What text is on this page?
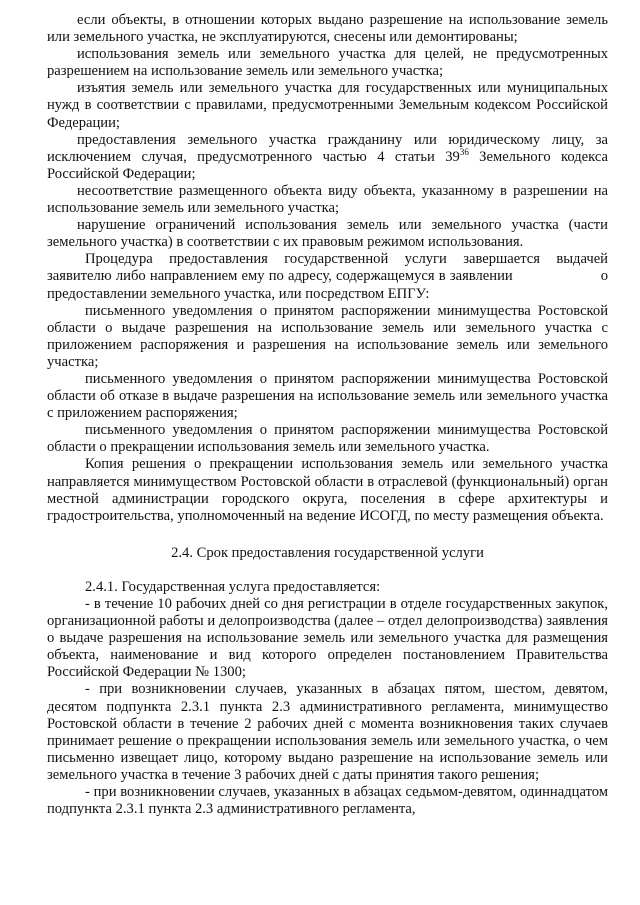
если объекты, в отношении которых выдано разрешение на использование земель или земельного участка, не эксплуатируются, снесены или демонтированы;

использования земель или земельного участка для целей, не предусмотренных разрешением на использование земель или земельного участка;

изъятия земель или земельного участка для государственных или муниципальных нужд в соответствии с правилами, предусмотренными Земельным кодексом Российской Федерации;

предоставления земельного участка гражданину или юридическому лицу, за исключением случая, предусмотренного частью 4 статьи $39^{36}$ Земельного кодекса Российской Федерации;

несоответствие размещенного объекта виду объекта, указанному в разрешении на использование земель или земельного участка;

нарушение ограничений использования земель или земельного участка (части земельного участка) в соответствии с их правовым режимом использования.

Процедура предоставления государственной услуги завершается выдачей заявителю либо направлением ему по адресу, содержащемуся в заявлении	о предоставлении земельного участка, или посредством ЕПГУ:

письменного уведомления о принятом распоряжении минимущества Ростовской области о выдаче разрешения на использование земель или земельного участка с приложением распоряжения и разрешения на использование земель или земельного участка;

письменного уведомления о принятом распоряжении минимущества Ростовской области об отказе в выдаче разрешения на использование земель или земельного участка с приложением распоряжения;

письменного уведомления о принятом распоряжении минимущества Ростовской области о прекращении использования земель или земельного участка.

Копия решения о прекращении использования земель или земельного участка направляется минимуществом Ростовской области в отраслевой (функциональный) орган местной администрации городского округа, поселения в сфере архитектуры и градостроительства, уполномоченный на ведение ИСОГД, по месту размещения объекта.

2.4. Срок предоставления государственной услуги

2.4.1. Государственная услуга предоставляется:

- в течение 10 рабочих дней со дня регистрации в отделе государственных закупок, организационной работы и делопроизводства (далее – отдел делопроизводства) заявления о выдаче разрешения на использование земель или земельного участка для размещения объекта, наименование и вид которого определен постановлением Правительства Российской Федерации № 1300;

- при возникновении случаев, указанных в абзацах пятом, шестом, девятом, десятом подпункта 2.3.1 пункта 2.3 административного регламента, минимущество Ростовской области в течение 2 рабочих дней с момента возникновения таких случаев принимает решение о прекращении использования земель или земельного участка, о чем письменно извещает лицо, которому выдано разрешение на использование земель или земельного участка в течение 3 рабочих дней с даты принятия такого решения;

- при возникновении случаев, указанных в абзацах седьмом-девятом, одиннадцатом подпункта 2.3.1 пункта 2.3 административного регламента,
